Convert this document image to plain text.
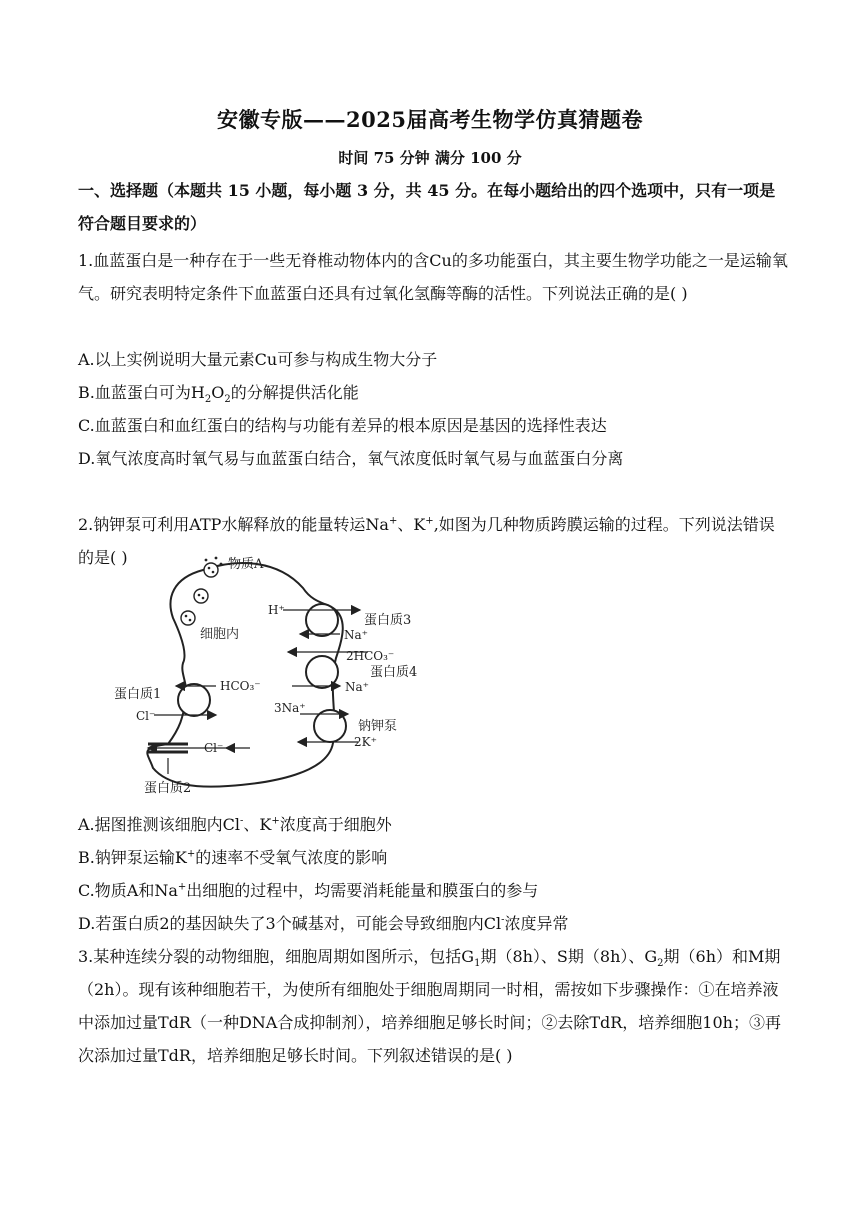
安徽专版——2025届高考生物学仿真猜题卷
时间 75 分钟 满分 100 分
一、选择题（本题共 15 小题，每小题 3 分，共 45 分。在每小题给出的四个选项中，只有一项是符合题目要求的）
1.血蓝蛋白是一种存在于一些无脊椎动物体内的含Cu的多功能蛋白，其主要生物学功能之一是运输氧气。研究表明特定条件下血蓝蛋白还具有过氧化氢酶等酶的活性。下列说法正确的是( )

A.以上实例说明大量元素Cu可参与构成生物大分子

B.血蓝蛋白可为$H_2O_2$的分解提供活化能

C.血蓝蛋白和血红蛋白的结构与功能有差异的根本原因是基因的选择性表达

D.氧气浓度高时氧气易与血蓝蛋白结合，氧气浓度低时氧气易与血蓝蛋白分离

2.钠钾泵可利用ATP水解释放的能量转运Na+、K+,如图为几种物质跨膜运输的过程。下列说法错误的是( )	物质A
细胞内
H⁺
Na⁺
蛋白质3
2HCO₃⁻
Na⁺
蛋白质4
3Na⁺
2K⁺
钠钾泵
HCO₃⁻
Cl⁻
蛋白质1
Cl⁻
蛋白质2

A.据图推测该细胞内Cl-、K+浓度高于细胞外

B.钠钾泵运输K+的速率不受氧气浓度的影响

C.物质A和Na+出细胞的过程中，均需要消耗能量和膜蛋白的参与

D.若蛋白质2的基因缺失了3个碱基对，可能会导致细胞内Cl-浓度异常

3.某种连续分裂的动物细胞，细胞周期如图所示，包括$G_1$期（8h）、S期（8h）、$G_2$期（6h）和M期（2h）。现有该种细胞若干，为使所有细胞处于细胞周期同一时相，需按如下步骤操作：①在培养液中添加过量TdR（一种DNA合成抑制剂），培养细胞足够长时间；②去除TdR，培养细胞10h；③再次添加过量TdR，培养细胞足够长时间。下列叙述错误的是( )
